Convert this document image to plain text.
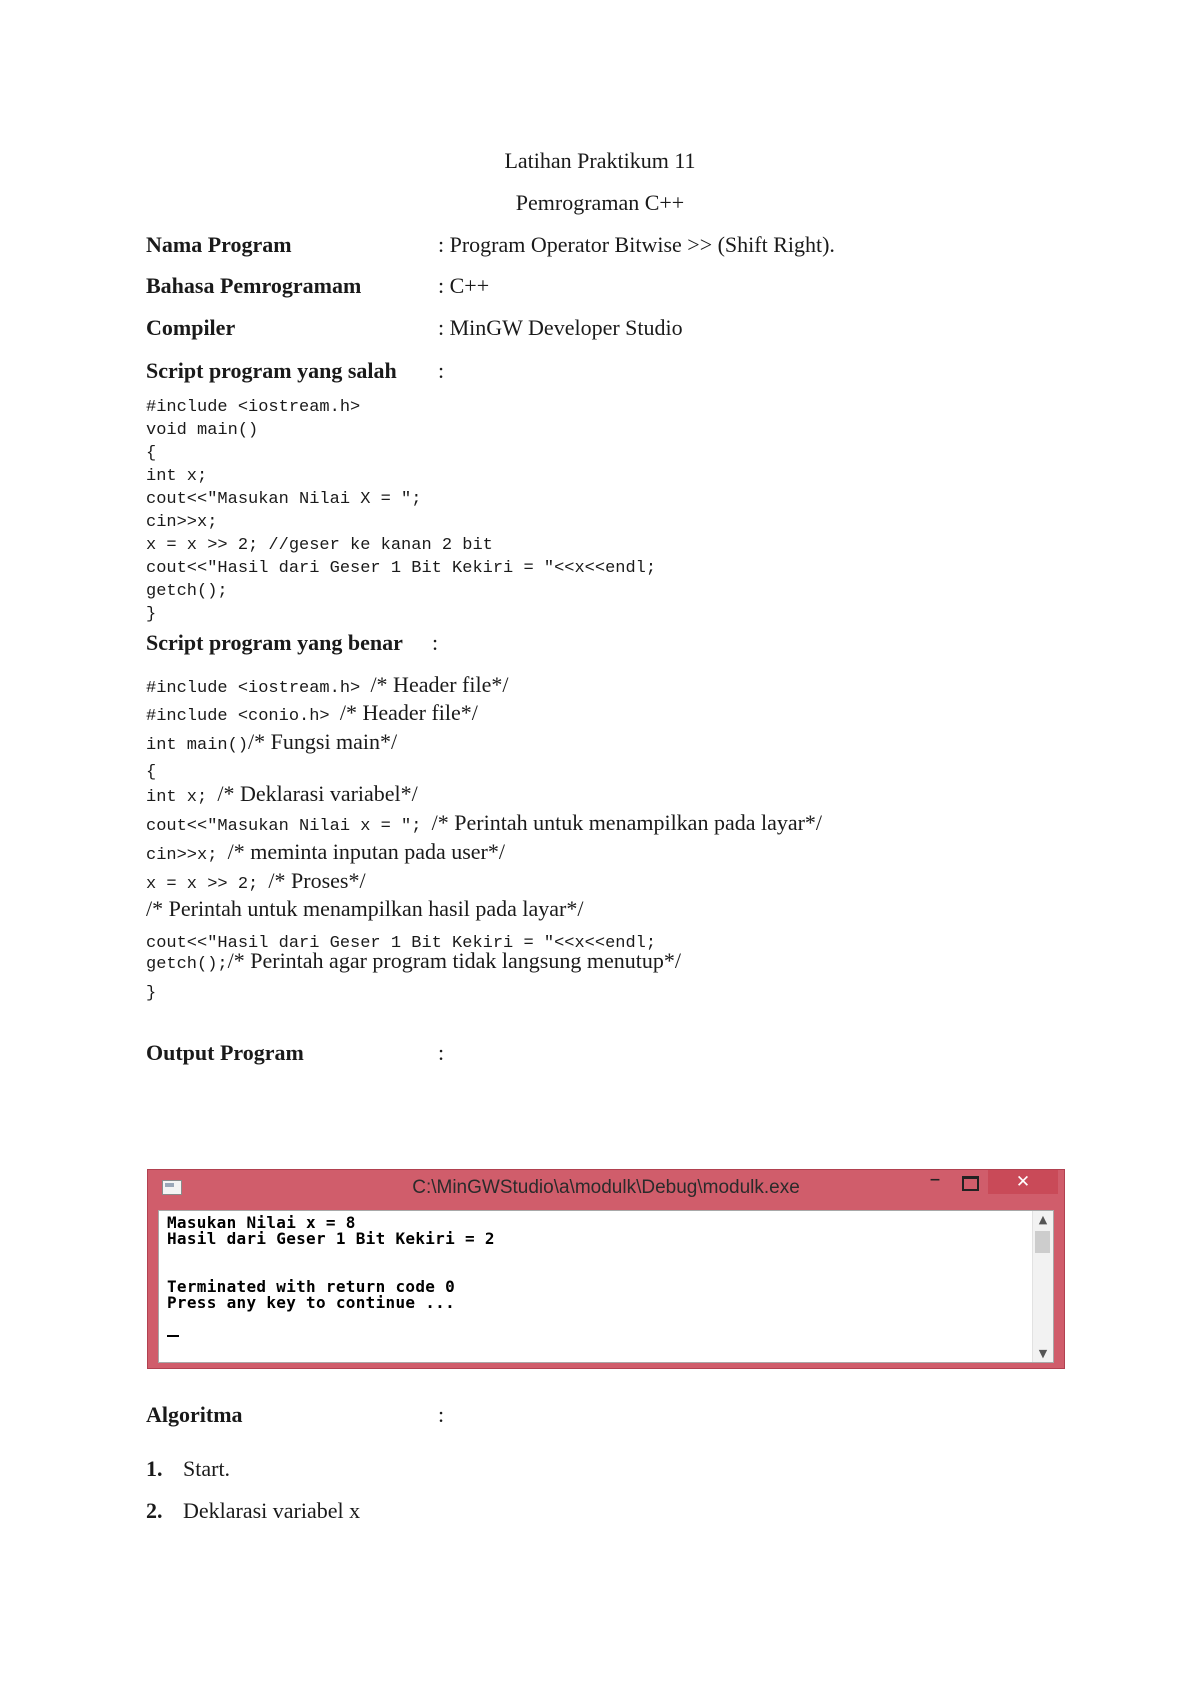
Latihan Praktikum 11
Pemrograman C++
Nama Program	: Program Operator Bitwise >> (Shift Right).
Bahasa Pemrogramam	: C++
Compiler	: MinGW Developer Studio
Script program yang salah :
#include <iostream.h>
void main()
{
int x;
cout<<"Masukan Nilai X = ";
cin>>x;
x = x >> 2; //geser ke kanan 2 bit
cout<<"Hasil dari Geser 1 Bit Kekiri = "<<x<<endl;
getch();
}
Script program yang benar :
#include <iostream.h> /* Header file*/
#include <conio.h> /* Header file*/
int main()/* Fungsi main*/
{
int x; /* Deklarasi variabel*/
cout<<"Masukan Nilai x = "; /* Perintah untuk menampilkan pada layar*/
cin>>x; /* meminta inputan pada user*/
x = x >> 2; /* Proses*/
/* Perintah untuk menampilkan hasil pada layar*/
cout<<"Hasil dari Geser 1 Bit Kekiri = "<<x<<endl;
getch();/* Perintah agar program tidak langsung menutup*/
}
Output Program	:
C:\MinGWStudio\a\modulk\Debug\modulk.exe	–	✕
Masukan Nilai x = 8
Hasil dari Geser 1 Bit Kekiri = 2

Terminated with return code 0
Press any key to continue ...
▲
▼
Algoritma	:
1. Start.
2. Deklarasi variabel x
